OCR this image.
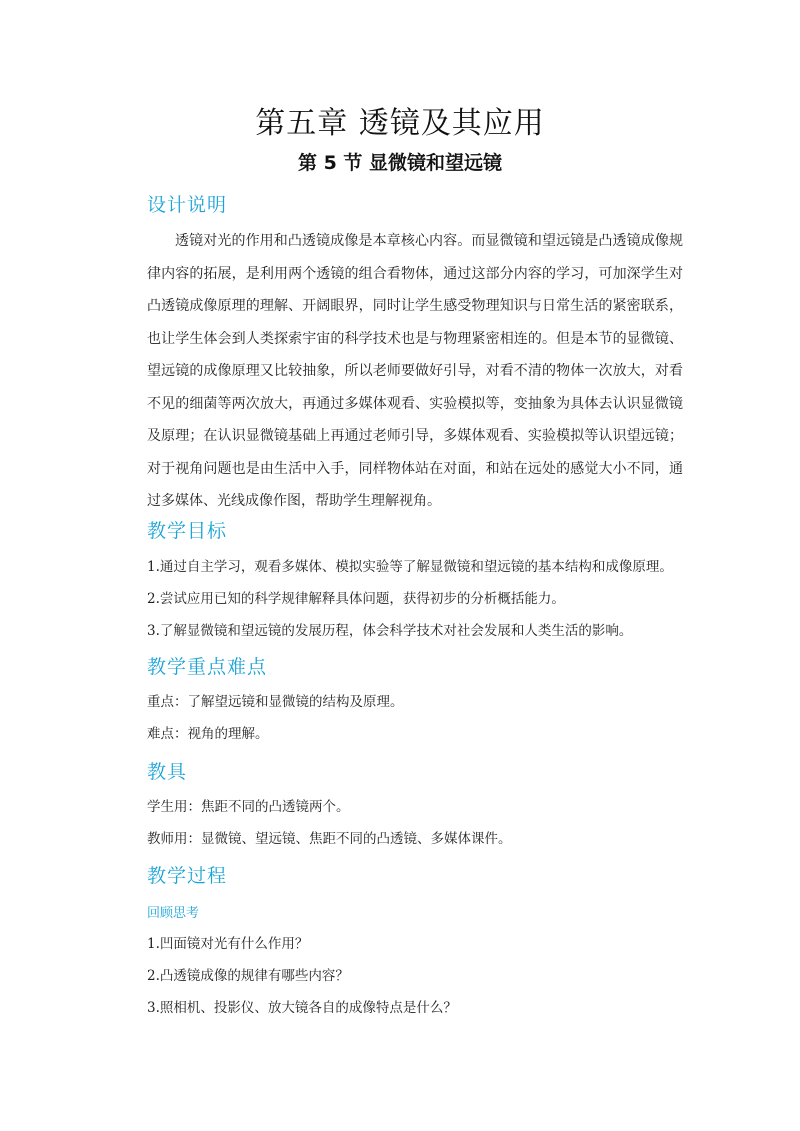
第五章 透镜及其应用
第 5 节 显微镜和望远镜
设计说明

透镜对光的作用和凸透镜成像是本章核心内容。而显微镜和望远镜是凸透镜成像规律内容的拓展，是利用两个透镜的组合看物体，通过这部分内容的学习，可加深学生对凸透镜成像原理的理解、开阔眼界，同时让学生感受物理知识与日常生活的紧密联系，也让学生体会到人类探索宇宙的科学技术也是与物理紧密相连的。但是本节的显微镜、望远镜的成像原理又比较抽象，所以老师要做好引导，对看不清的物体一次放大，对看不见的细菌等两次放大，再通过多媒体观看、实验模拟等，变抽象为具体去认识显微镜及原理；在认识显微镜基础上再通过老师引导，多媒体观看、实验模拟等认识望远镜；对于视角问题也是由生活中入手，同样物体站在对面，和站在远处的感觉大小不同，通过多媒体、光线成像作图，帮助学生理解视角。

教学目标
1.通过自主学习，观看多媒体、模拟实验等了解显微镜和望远镜的基本结构和成像原理。
2.尝试应用已知的科学规律解释具体问题，获得初步的分析概括能力。
3.了解显微镜和望远镜的发展历程，体会科学技术对社会发展和人类生活的影响。
教学重点难点
重点：了解望远镜和显微镜的结构及原理。
难点：视角的理解。
教具
学生用：焦距不同的凸透镜两个。
教师用：显微镜、望远镜、焦距不同的凸透镜、多媒体课件。
教学过程
回顾思考
1.凹面镜对光有什么作用？
2.凸透镜成像的规律有哪些内容？
3.照相机、投影仪、放大镜各自的成像特点是什么？
